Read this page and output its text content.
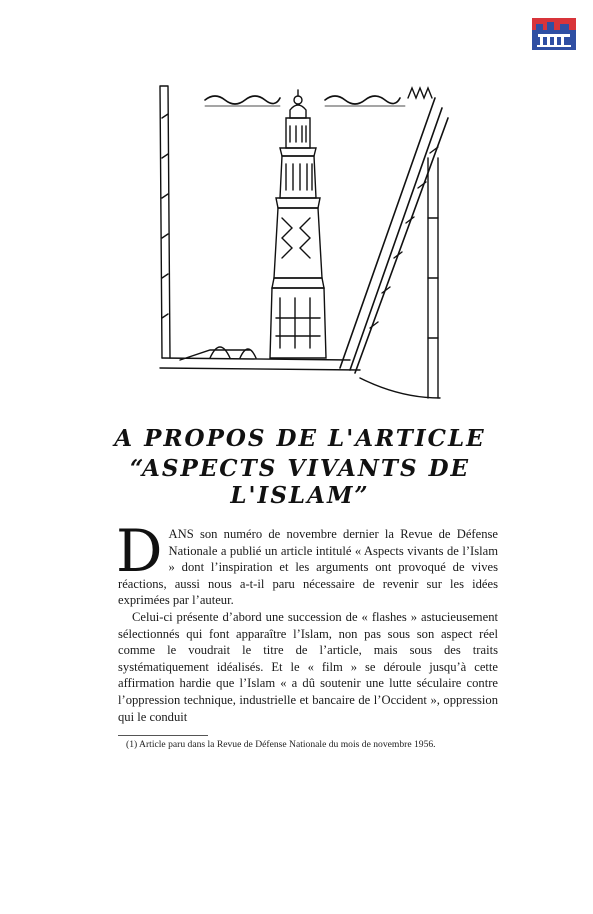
A PROPOS DE L'ARTICLE
“ASPECTS VIVANTS DE L'ISLAM”

DANS son numéro de novembre dernier la Revue de Défense Nationale a publié un article intitulé « Aspects vivants de l’Islam » dont l’inspiration et les arguments ont provoqué de vives réactions, aussi nous a-t-il paru nécessaire de revenir sur les idées exprimées par l’auteur.

Celui-ci présente d’abord une succession de « flashes » astucieusement sélectionnés qui font apparaître l’Islam, non pas sous son aspect réel comme le voudrait le titre de l’article, mais sous des traits systématiquement idéalisés. Et le « film » se déroule jusqu’à cette affirmation hardie que l’Islam « a dû soutenir une lutte séculaire contre l’oppression technique, industrielle et bancaire de l’Occident », oppression qui le conduit

(1) Article paru dans la Revue de Défense Nationale du mois de novembre 1956.
